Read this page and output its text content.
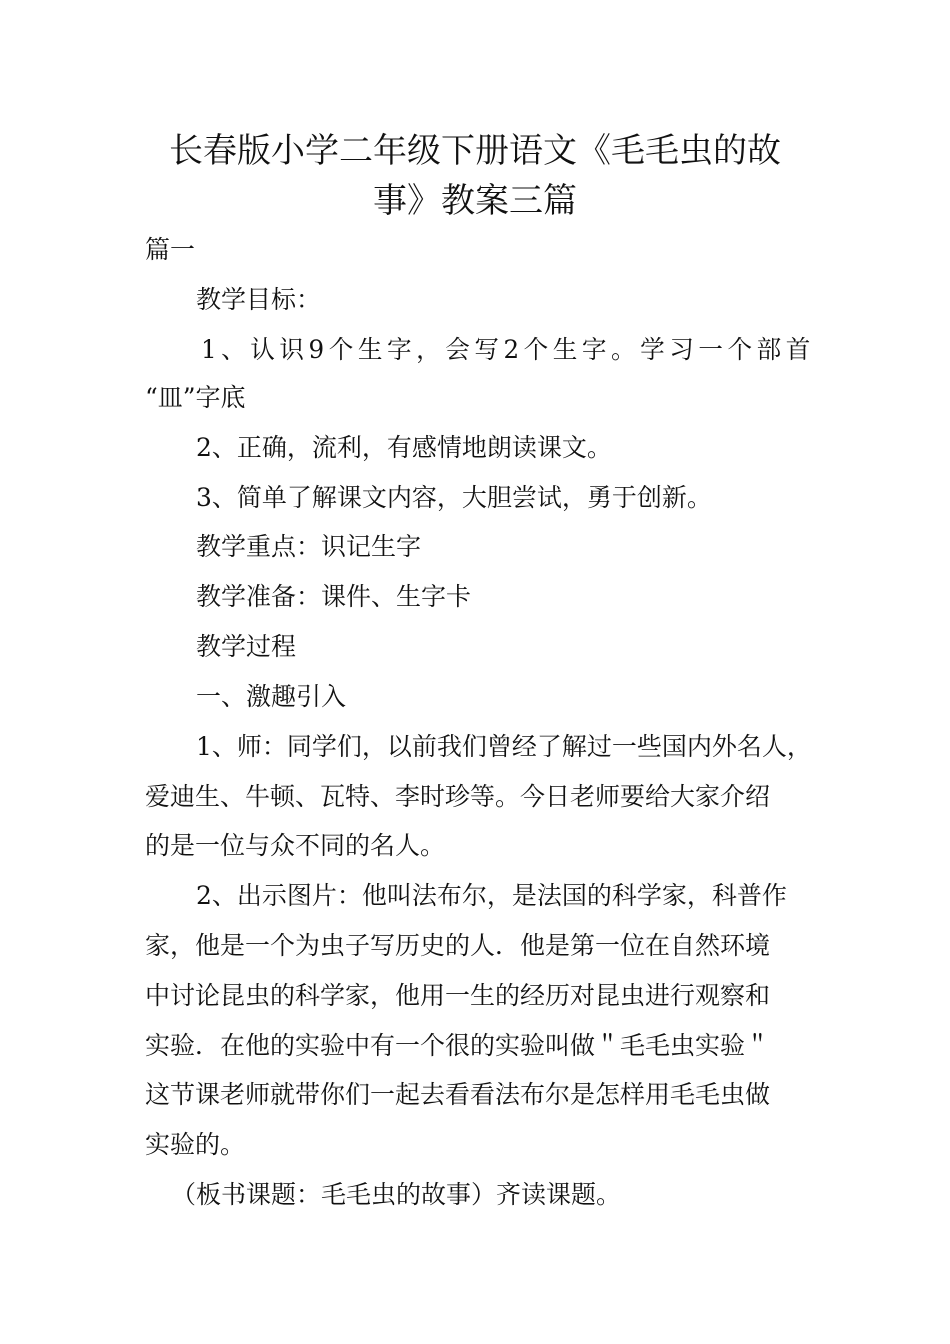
长春版小学二年级下册语文《毛毛虫的故
事》教案三篇
篇一
教学目标：
1、认识9个生字，会写2个生字。学习一个部首
“皿”字底
2、正确，流利，有感情地朗读课文。
3、简单了解课文内容，大胆尝试，勇于创新。
教学重点：识记生字
教学准备：课件、生字卡
教学过程
一、激趣引入
1、师：同学们，以前我们曾经了解过一些国内外名人，
爱迪生、牛顿、瓦特、李时珍等。今日老师要给大家介绍
的是一位与众不同的名人。
2、出示图片：他叫法布尔，是法国的科学家，科普作
家，他是一个为虫子写历史的人．他是第一位在自然环境
中讨论昆虫的科学家，他用一生的经历对昆虫进行观察和
实验．在他的实验中有一个很的实验叫做＂毛毛虫实验＂
这节课老师就带你们一起去看看法布尔是怎样用毛毛虫做
实验的。
（板书课题：毛毛虫的故事）齐读课题。
